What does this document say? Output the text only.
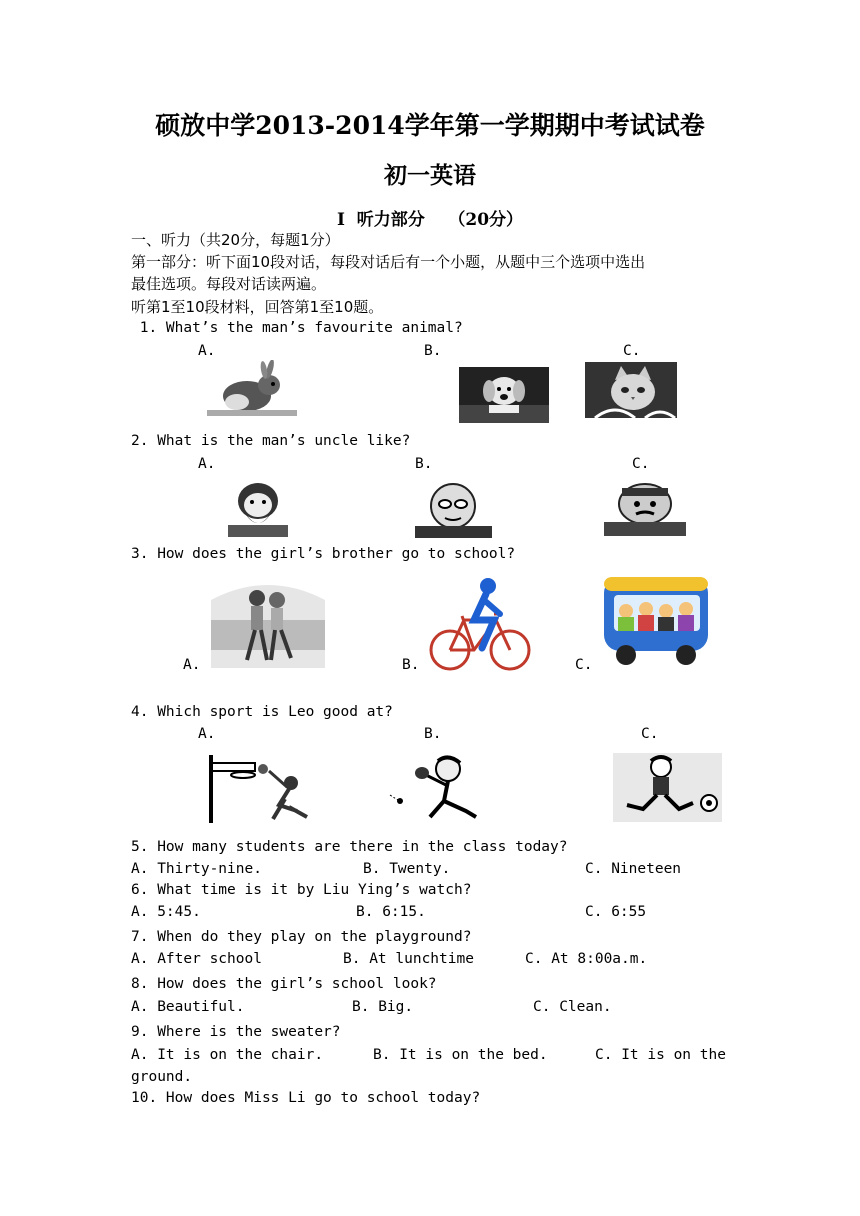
硕放中学2013-2014学年第一学期期中考试试卷
初一英语
I  听力部分    （20分）
一、听力（共20分，每题1分）
第一部分：听下面10段对话，每段对话后有一个小题，从题中三个选项中选出
最佳选项。每段对话读两遍。
听第1至10段材料，回答第1至10题。
1. What’s the man’s favourite animal?
A.	B.	C.
2. What is the man’s uncle like?
A.	B.	C.
3. How does the girl’s brother go to school?
A.	B.	C.
4. Which sport is Leo good at?
A.	B.	C.
5. How many students are there in the class today?
A. Thirty-nine.	B. Twenty.	C. Nineteen
6. What time is it by Liu Ying’s watch?
A. 5:45.	B. 6:15.	C. 6:55
7. When do they play on the playground?
A. After school	B. At lunchtime	C. At 8:00a.m.
8. How does the girl’s school look?
A. Beautiful.	B. Big.	C. Clean.
9. Where is the sweater?
A. It is on the chair.	B. It is on the bed.	C. It is on the
ground.
10. How does Miss Li go to school today?
